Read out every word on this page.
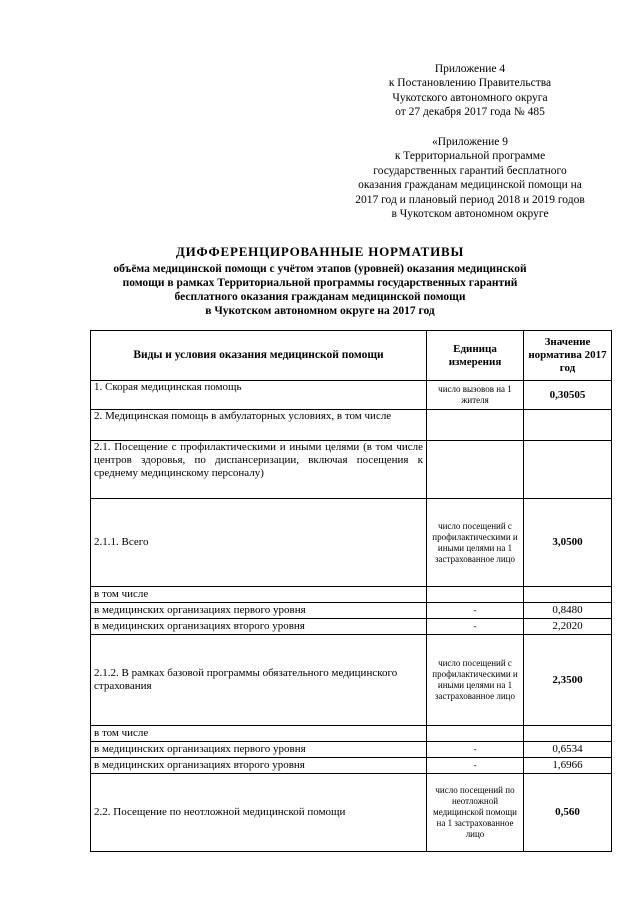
Приложение 4
к Постановлению Правительства
Чукотского автономного округа
от 27 декабря 2017 года № 485
«Приложение 9
к Территориальной программе
государственных гарантий бесплатного
оказания гражданам медицинской помощи на
2017 год и плановый период 2018 и 2019 годов
в Чукотском автономном округе
ДИФФЕРЕНЦИРОВАННЫЕ НОРМАТИВЫ
объёма медицинской помощи с учётом этапов (уровней) оказания медицинской
помощи в рамках Территориальной программы государственных гарантий
бесплатного оказания гражданам медицинской помощи
в Чукотском автономном округе на 2017 год
Виды и условия оказания медицинской помощи	Единица измерения	Значение норматива 2017 год
1. Скорая медицинская помощь	число вызовов на 1 жителя	0,30505
2. Медицинская помощь в амбулаторных условиях, в том числе		
2.1. Посещение с профилактическими и иными целями (в том числе центров здоровья, по диспансеризации, включая посещения к среднему медицинскому персоналу)		
2.1.1. Всего	число посещений с профилактическими и иными целями на 1 застрахованное лицо	3,0500
в том числе		
в медицинских организациях первого уровня	-	0,8480
в медицинских организациях второго уровня	-	2,2020
2.1.2. В рамках базовой программы обязательного медицинского страхования	число посещений с профилактическими и иными целями на 1 застрахованное лицо	2,3500
в том числе		
в медицинских организациях первого уровня	-	0,6534
в медицинских организациях второго уровня	-	1,6966
2.2. Посещение по неотложной медицинской помощи	число посещений по неотложной медицинской помощи на 1 застрахованное лицо	0,560
